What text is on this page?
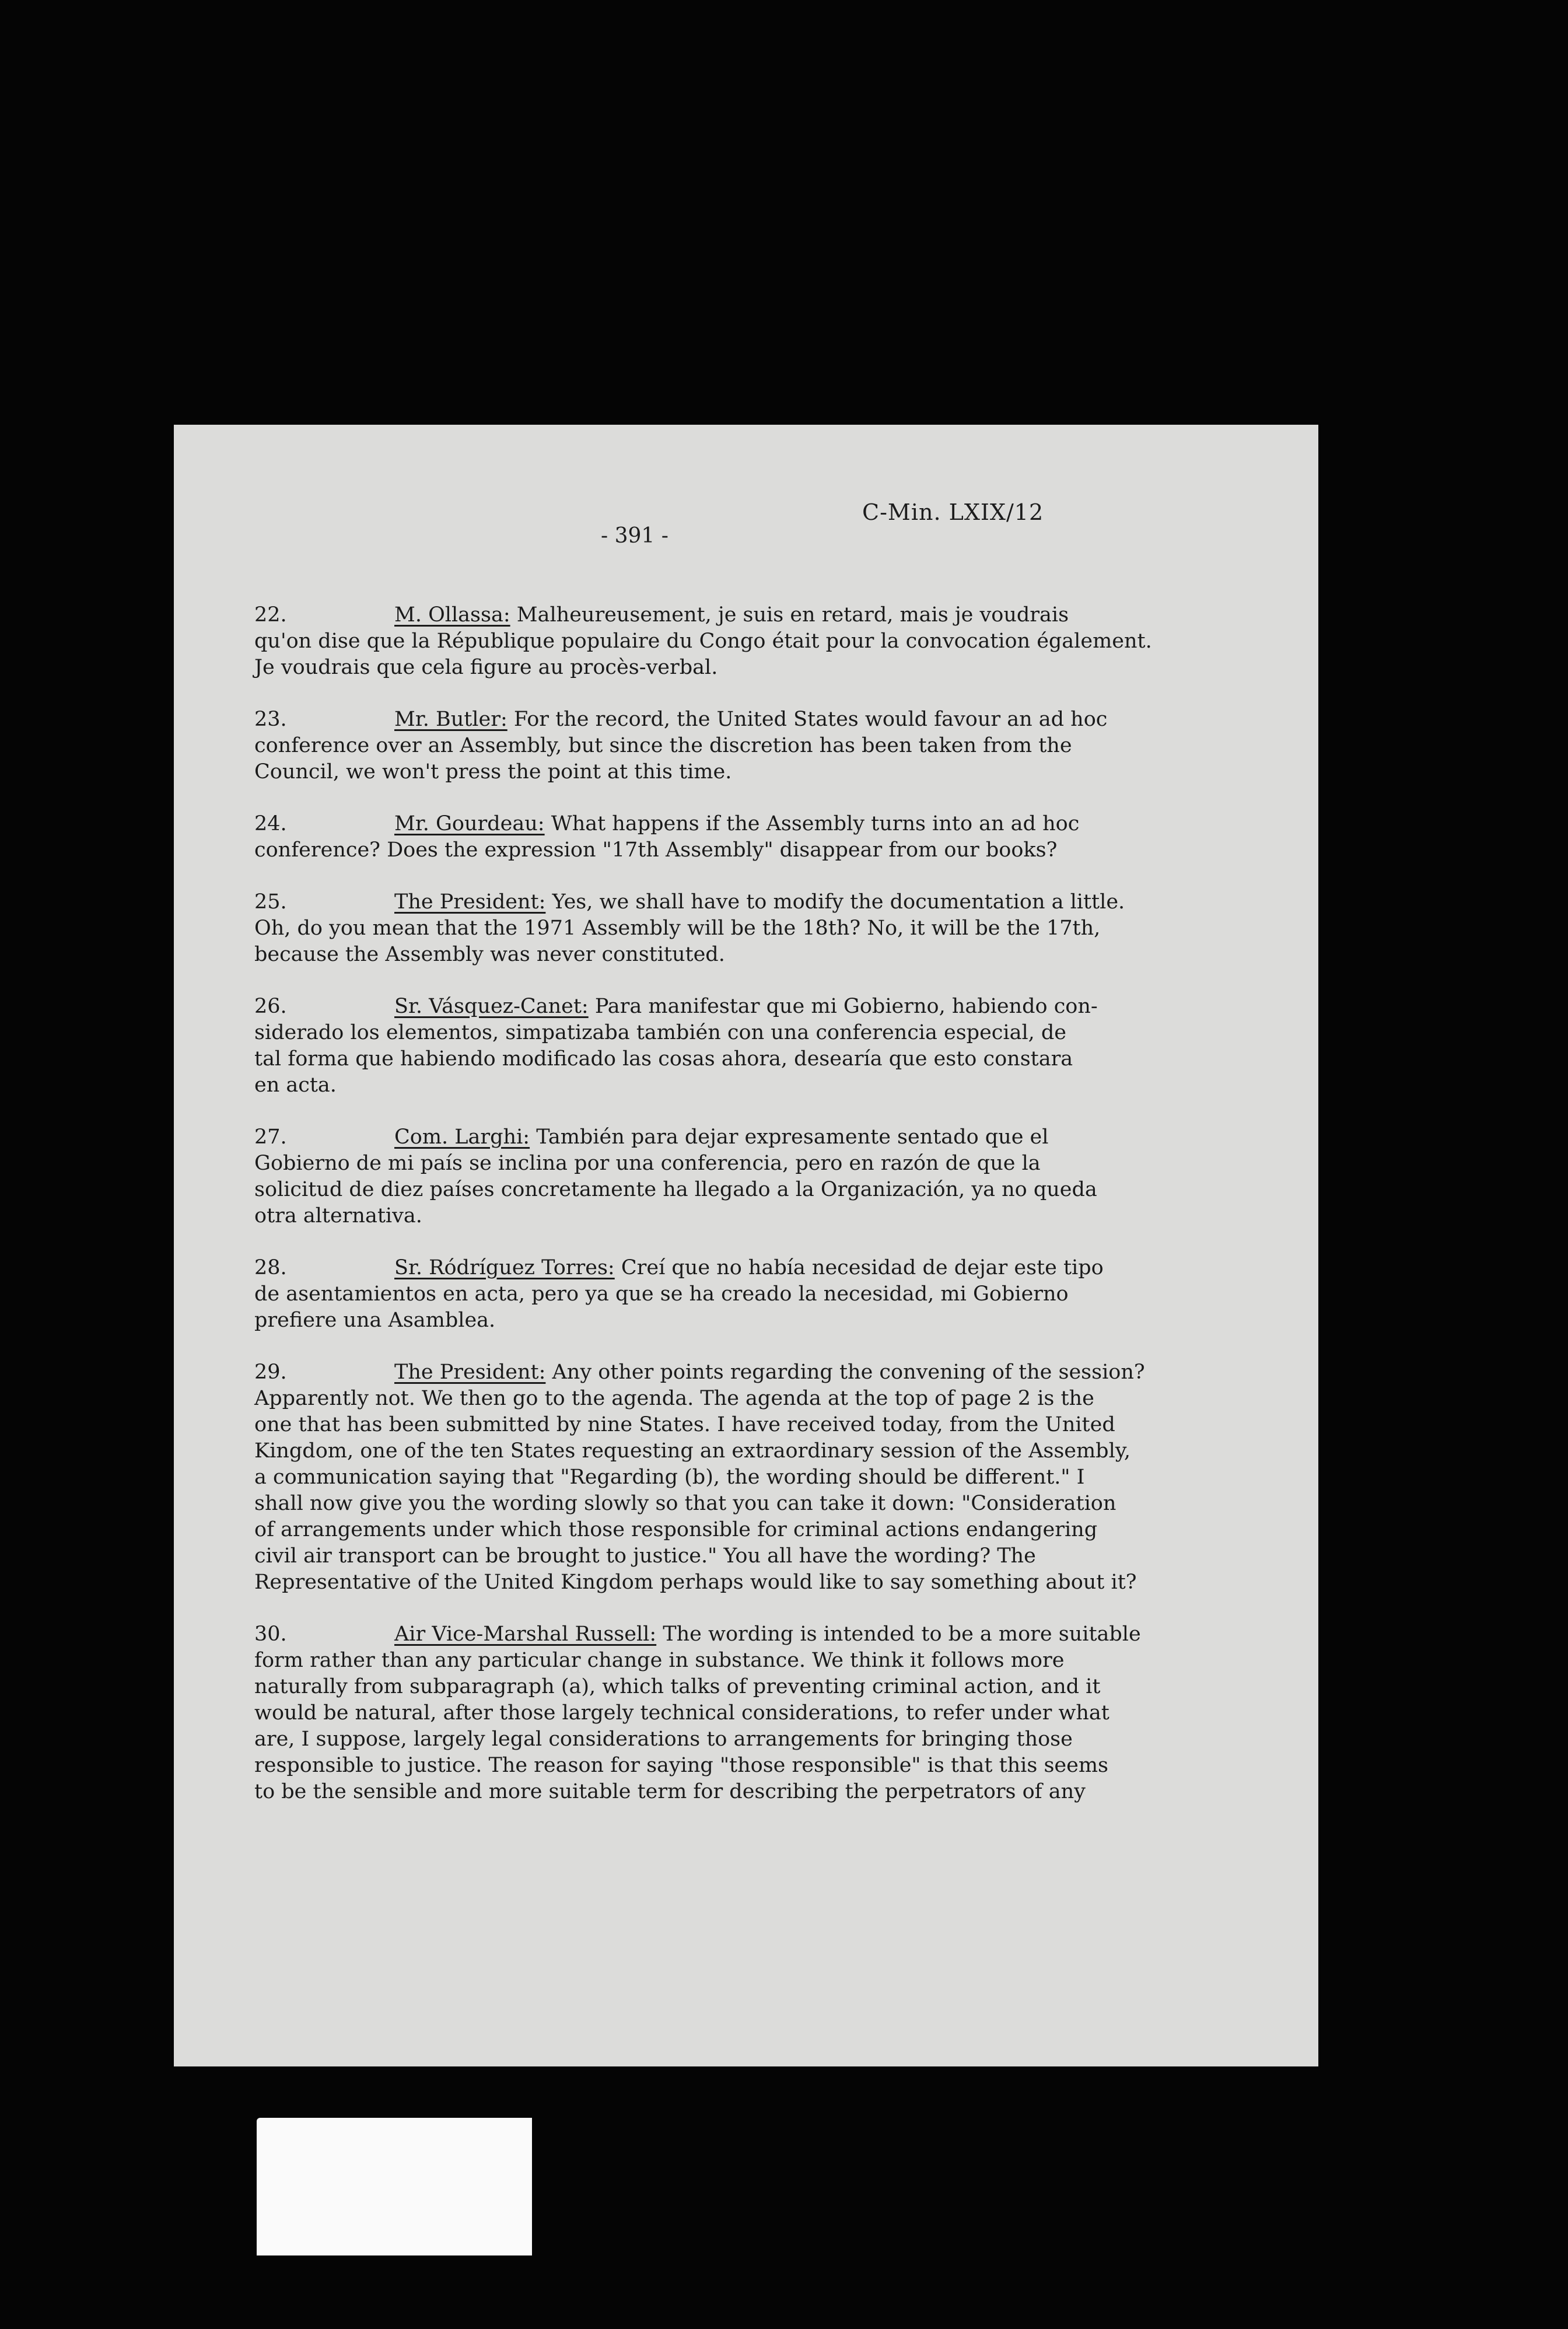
C-Min. LXIX/12
- 391 -
22.	M. Ollassa: Malheureusement, je suis en retard, mais je voudrais
qu'on dise que la République populaire du Congo était pour la convocation également.
Je voudrais que cela figure au procès-verbal.
23.	Mr. Butler: For the record, the United States would favour an ad hoc
conference over an Assembly, but since the discretion has been taken from the
Council, we won't press the point at this time.
24.	Mr. Gourdeau: What happens if the Assembly turns into an ad hoc
conference? Does the expression "17th Assembly" disappear from our books?
25.	The President: Yes, we shall have to modify the documentation a little.
Oh, do you mean that the 1971 Assembly will be the 18th? No, it will be the 17th,
because the Assembly was never constituted.
26.	Sr. Vásquez-Canet: Para manifestar que mi Gobierno, habiendo con-
siderado los elementos, simpatizaba también con una conferencia especial, de
tal forma que habiendo modificado las cosas ahora, desearía que esto constara
en acta.
27.	Com. Larghi: También para dejar expresamente sentado que el
Gobierno de mi país se inclina por una conferencia, pero en razón de que la
solicitud de diez países concretamente ha llegado a la Organización, ya no queda
otra alternativa.
28.	Sr. Ródríguez Torres: Creí que no había necesidad de dejar este tipo
de asentamientos en acta, pero ya que se ha creado la necesidad, mi Gobierno
prefiere una Asamblea.
29.	The President: Any other points regarding the convening of the session?
Apparently not. We then go to the agenda. The agenda at the top of page 2 is the
one that has been submitted by nine States. I have received today, from the United
Kingdom, one of the ten States requesting an extraordinary session of the Assembly,
a communication saying that "Regarding (b), the wording should be different." I
shall now give you the wording slowly so that you can take it down: "Consideration
of arrangements under which those responsible for criminal actions endangering
civil air transport can be brought to justice." You all have the wording? The
Representative of the United Kingdom perhaps would like to say something about it?
30.	Air Vice-Marshal Russell: The wording is intended to be a more suitable
form rather than any particular change in substance. We think it follows more
naturally from subparagraph (a), which talks of preventing criminal action, and it
would be natural, after those largely technical considerations, to refer under what
are, I suppose, largely legal considerations to arrangements for bringing those
responsible to justice. The reason for saying "those responsible" is that this seems
to be the sensible and more suitable term for describing the perpetrators of any
